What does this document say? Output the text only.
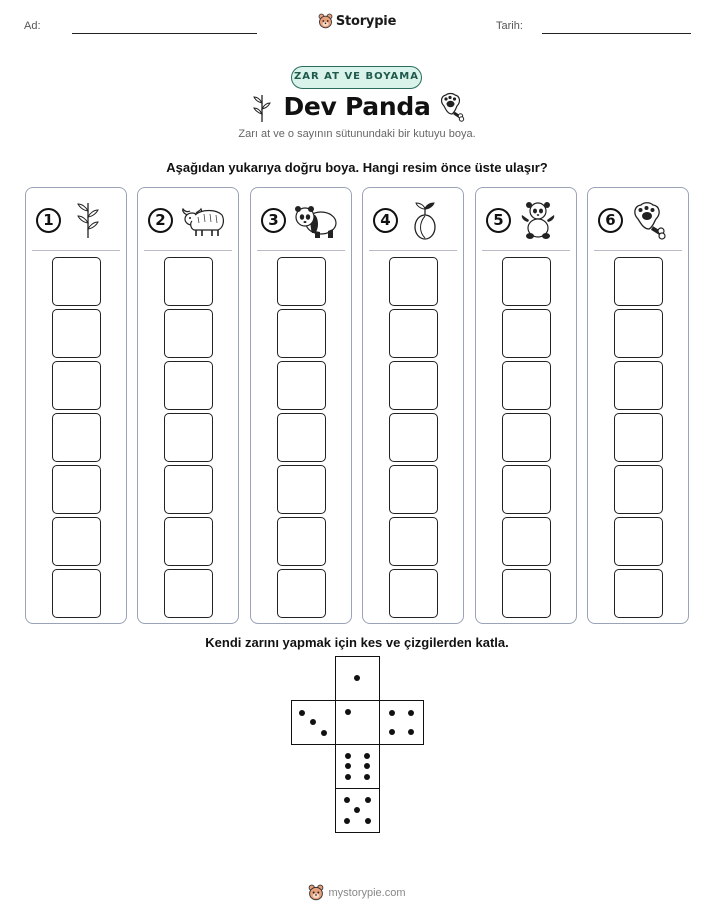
Ad:	Tarih:
Storypie
ZAR AT VE BOYAMA
Dev Panda
Zarı at ve o sayının sütunundaki bir kutuyu boya.
Aşağıdan yukarıya doğru boya. Hangi resim önce üste ulaşır?
1	2	3	4	5	6
Kendi zarını yapmak için kes ve çizgilerden katla.
mystorypie.com
